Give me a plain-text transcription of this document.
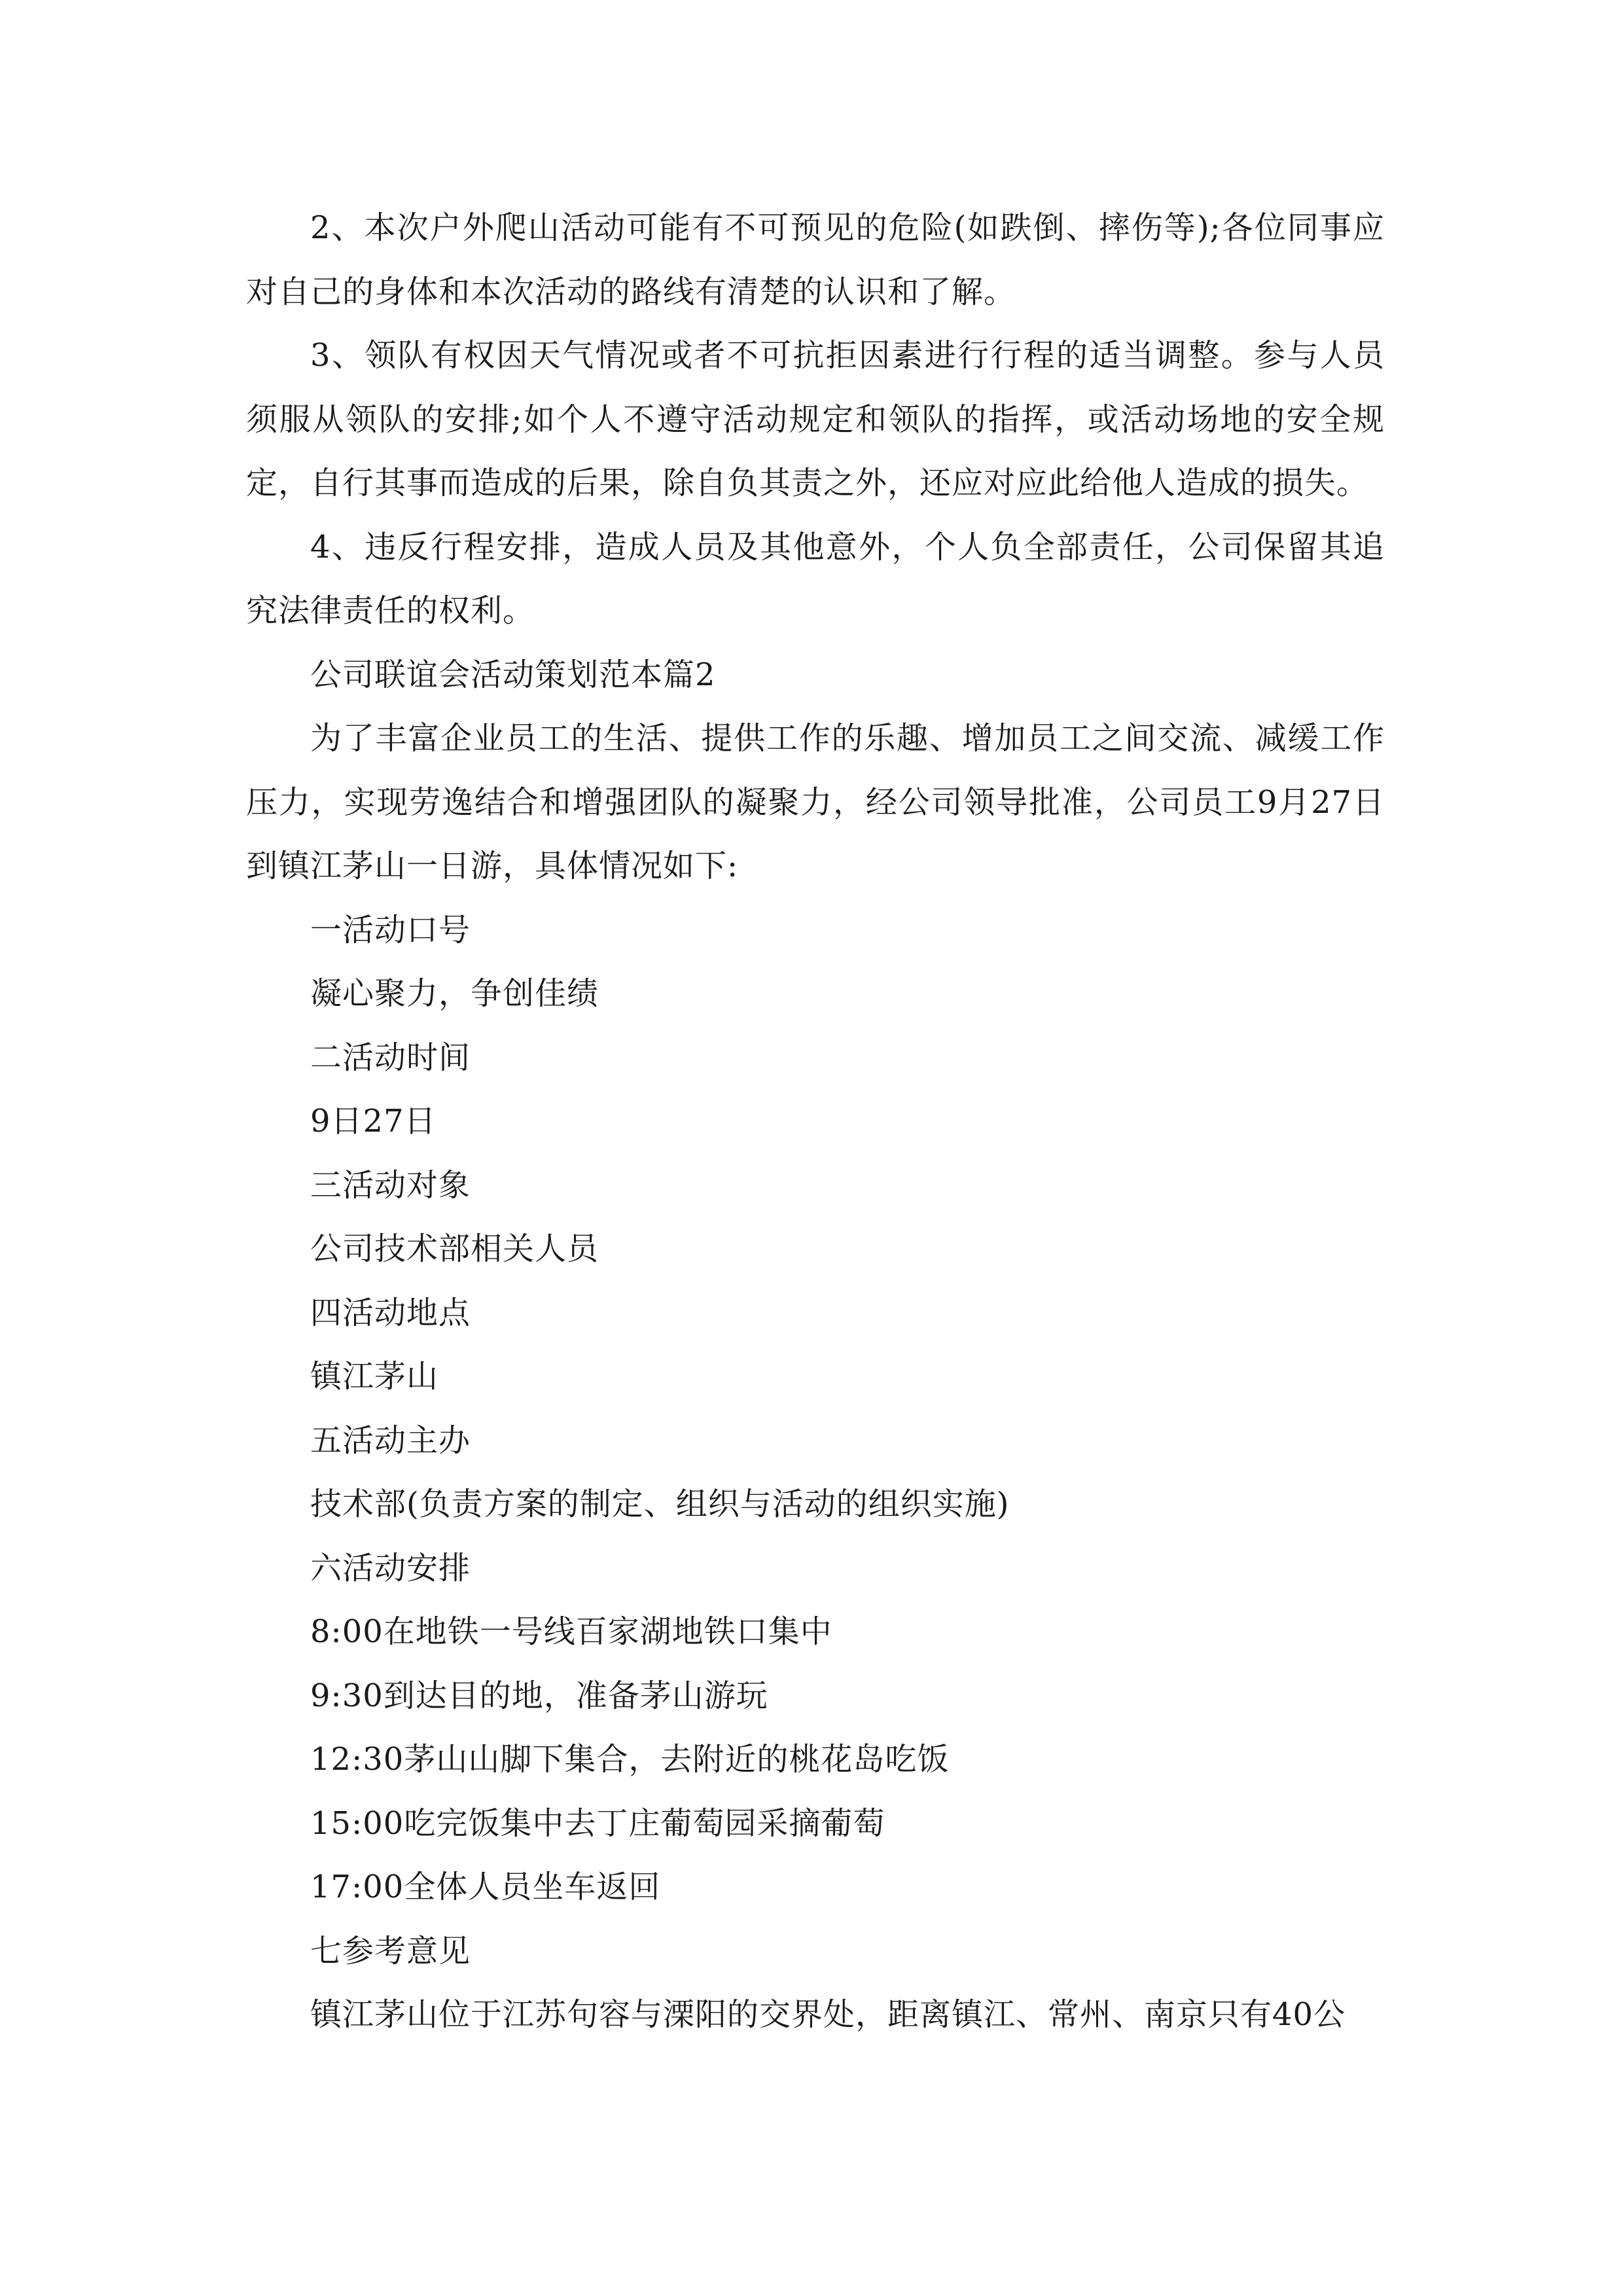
2、本次户外爬山活动可能有不可预见的危险(如跌倒、摔伤等);各位同事应对自己的身体和本次活动的路线有清楚的认识和了解。

3、领队有权因天气情况或者不可抗拒因素进行行程的适当调整。参与人员须服从领队的安排;如个人不遵守活动规定和领队的指挥，或活动场地的安全规定，自行其事而造成的后果，除自负其责之外，还应对应此给他人造成的损失。

4、违反行程安排，造成人员及其他意外，个人负全部责任，公司保留其追究法律责任的权利。

公司联谊会活动策划范本篇2

为了丰富企业员工的生活、提供工作的乐趣、增加员工之间交流、减缓工作压力，实现劳逸结合和增强团队的凝聚力，经公司领导批准，公司员工9月27日到镇江茅山一日游，具体情况如下:

一活动口号

凝心聚力，争创佳绩

二活动时间

9日27日

三活动对象

公司技术部相关人员

四活动地点

镇江茅山

五活动主办

技术部(负责方案的制定、组织与活动的组织实施)

六活动安排

8:00在地铁一号线百家湖地铁口集中

9:30到达目的地，准备茅山游玩

12:30茅山山脚下集合，去附近的桃花岛吃饭

15:00吃完饭集中去丁庄葡萄园采摘葡萄

17:00全体人员坐车返回

七参考意见

镇江茅山位于江苏句容与溧阳的交界处，距离镇江、常州、南京只有40公
